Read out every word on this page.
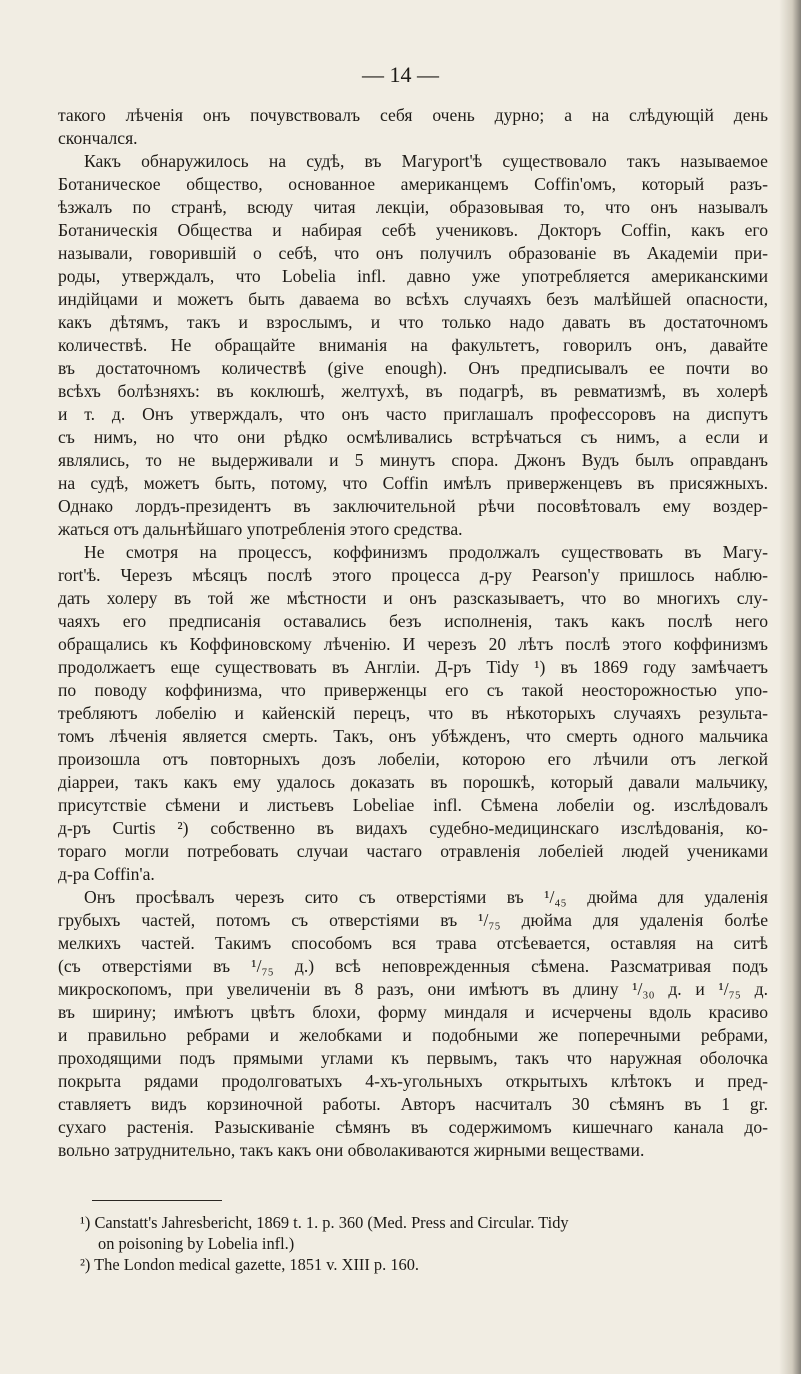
— 14 —
такого лѣченія онъ почувствовалъ себя очень дурно; а на слѣдующій день
скончался.
Какъ обнаружилось на судѣ, въ Магуроrt'ѣ существовало такъ называемое
Ботаническое общество, основанное американцемъ Coffin'омъ, который разъ-
ѣзжалъ по странѣ, всюду читая лекціи, образовывая то, что онъ называлъ
Ботаническія Общества и набирая себѣ учениковъ. Докторъ Coffin, какъ его
называли, говорившій о себѣ, что онъ получилъ образованіе въ Академіи при-
роды, утверждалъ, что Lobelia infl. давно уже употребляется американскими
индійцами и можетъ быть даваема во всѣхъ случаяхъ безъ малѣйшей опасности,
какъ дѣтямъ, такъ и взрослымъ, и что только надо давать въ достаточномъ
количествѣ. Не обращайте вниманія на факультетъ, говорилъ онъ, давайте
въ достаточномъ количествѣ (give enough). Онъ предписывалъ ее почти во
всѣхъ болѣзняхъ: въ коклюшѣ, желтухѣ, въ подагрѣ, въ ревматизмѣ, въ холерѣ
и т. д. Онъ утверждалъ, что онъ часто приглашалъ профессоровъ на диспутъ
съ нимъ, но что они рѣдко осмѣливались встрѣчаться съ нимъ, а если и
являлись, то не выдерживали и 5 минутъ спора. Джонъ Вудъ былъ оправданъ
на судѣ, можетъ быть, потому, что Coffin имѣлъ приверженцевъ въ присяжныхъ.
Однако лордъ-президентъ въ заключительной рѣчи посовѣтовалъ ему воздер-
жаться отъ дальнѣйшаго употребленія этого средства.
Не смотря на процессъ, коффинизмъ продолжалъ существовать въ Магу-
rort'ѣ. Черезъ мѣсяцъ послѣ этого процесса д-ру Pearson'у пришлось наблю-
дать холеру въ той же мѣстности и онъ разсказываетъ, что во многихъ слу-
чаяхъ его предписанія оставались безъ исполненія, такъ какъ послѣ него
обращались къ Коффиновскому лѣченію. И черезъ 20 лѣтъ послѣ этого коффинизмъ
продолжаетъ еще существовать въ Англіи. Д-ръ Tidy ¹) въ 1869 году замѣчаетъ
по поводу коффинизма, что приверженцы его съ такой неосторожностью упо-
требляютъ лобелію и кайенскій перецъ, что въ нѣкоторыхъ случаяхъ результа-
томъ лѣченія является смерть. Такъ, онъ убѣжденъ, что смерть одного мальчика
произошла отъ повторныхъ дозъ лобеліи, которою его лѣчили отъ легкой
діарреи, такъ какъ ему удалось доказать въ порошкѣ, который давали мальчику,
присутствіе сѣмени и листьевъ Lobeliae infl. Сѣмена лобеліи og. изслѣдовалъ
д-ръ Curtis ²) собственно въ видахъ судебно-медицинскаго изслѣдованія, ко-
тораго могли потребовать случаи частаго отравленія лобеліей людей учениками
д-ра Coffin'а.
Онъ просѣвалъ черезъ сито съ отверстіями въ ¹/₄₅ дюйма для удаленія
грубыхъ частей, потомъ съ отверстіями въ ¹/₇₅ дюйма для удаленія болѣе
мелкихъ частей. Такимъ способомъ вся трава отсѣевается, оставляя на ситѣ
(съ отверстіями въ ¹/₇₅ д.) всѣ неповрежденныя сѣмена. Разсматривая подъ
микроскопомъ, при увеличеніи въ 8 разъ, они имѣютъ въ длину ¹/₃₀ д. и ¹/₇₅ д.
въ ширину; имѣютъ цвѣтъ блохи, форму миндаля и исчерчены вдоль красиво
и правильно ребрами и желобками и подобными же поперечными ребрами,
проходящими подъ прямыми углами къ первымъ, такъ что наружная оболочка
покрыта рядами продолговатыхъ 4-хъ-угольныхъ открытыхъ клѣтокъ и пред-
ставляетъ видъ корзиночной работы. Авторъ насчиталъ 30 сѣмянъ въ 1 gr.
сухаго растенія. Разыскиваніе сѣмянъ въ содержимомъ кишечнаго канала до-
вольно затруднительно, такъ какъ они обволакиваются жирными веществами.
¹) Canstatt's Jahresbericht, 1869 t. 1. p. 360 (Med. Press and Circular. Tidy
on poisoning by Lobelia infl.)
²) The London medical gazette, 1851 v. XIII p. 160.
